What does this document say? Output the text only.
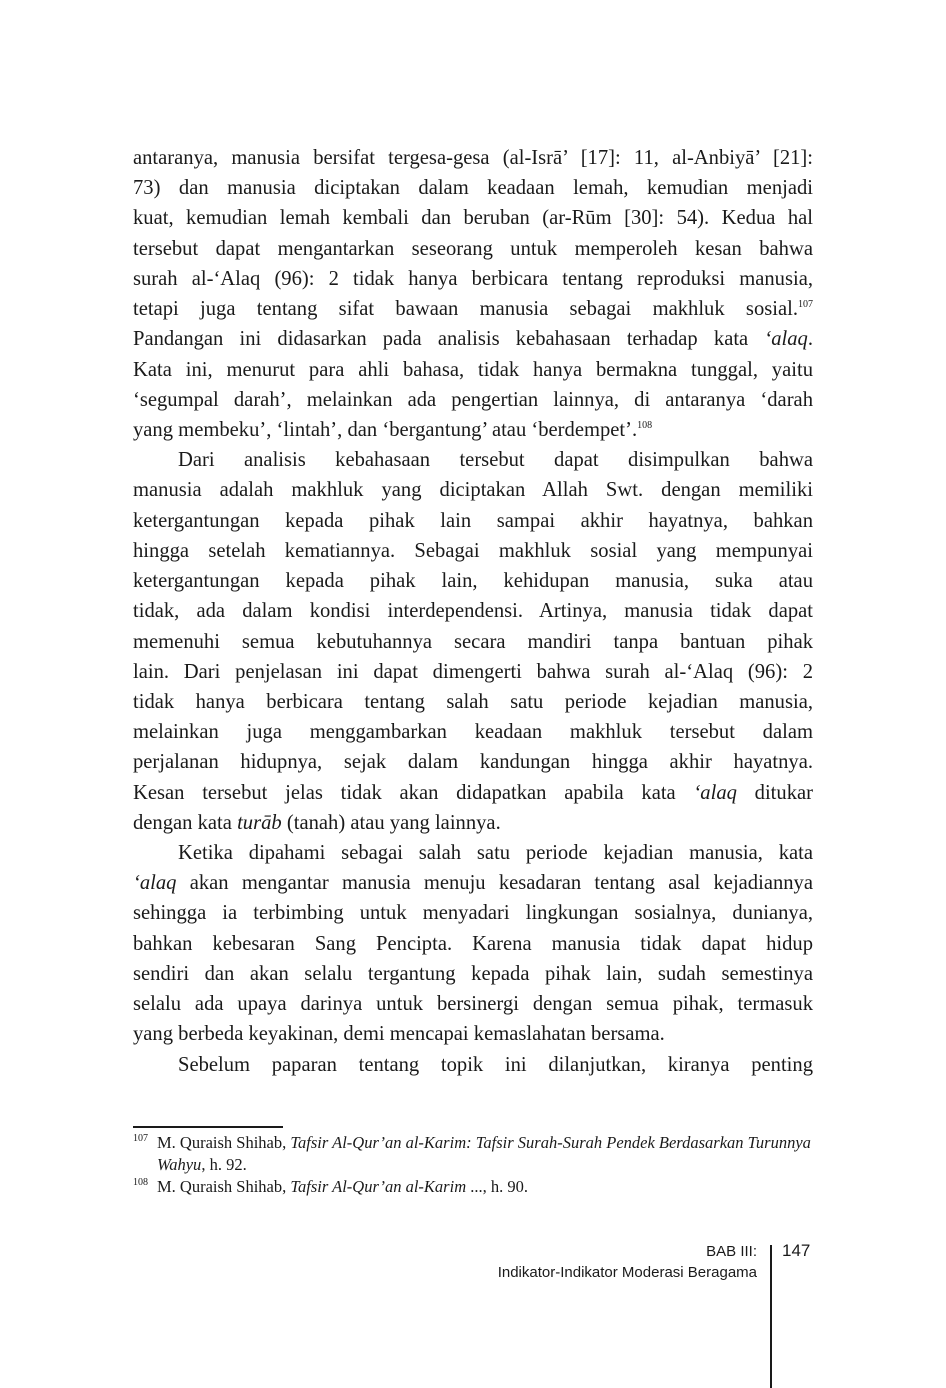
antaranya, manusia bersifat tergesa-gesa (al-Isrā’ [17]: 11, al-Anbiyā’ [21]:
73) dan manusia diciptakan dalam keadaan lemah, kemudian menjadi
kuat, kemudian lemah kembali dan beruban (ar-Rūm [30]: 54). Kedua hal
tersebut dapat mengantarkan seseorang untuk memperoleh kesan bahwa
surah al-‘Alaq (96): 2 tidak hanya berbicara tentang reproduksi manusia,
tetapi juga tentang sifat bawaan manusia sebagai makhluk sosial.$^{107}$
Pandangan ini didasarkan pada analisis kebahasaan terhadap kata ‘alaq.
Kata ini, menurut para ahli bahasa, tidak hanya bermakna tunggal, yaitu
‘segumpal darah’, melainkan ada pengertian lainnya, di antaranya ‘darah
yang membeku’, ‘lintah’, dan ‘bergantung’ atau ‘berdempet’.$^{108}$
Dari analisis kebahasaan tersebut dapat disimpulkan bahwa
manusia adalah makhluk yang diciptakan Allah Swt. dengan memiliki
ketergantungan kepada pihak lain sampai akhir hayatnya, bahkan
hingga setelah kematiannya. Sebagai makhluk sosial yang mempunyai
ketergantungan kepada pihak lain, kehidupan manusia, suka atau
tidak, ada dalam kondisi interdependensi. Artinya, manusia tidak dapat
memenuhi semua kebutuhannya secara mandiri tanpa bantuan pihak
lain. Dari penjelasan ini dapat dimengerti bahwa surah al-‘Alaq (96): 2
tidak hanya berbicara tentang salah satu periode kejadian manusia,
melainkan juga menggambarkan keadaan makhluk tersebut dalam
perjalanan hidupnya, sejak dalam kandungan hingga akhir hayatnya.
Kesan tersebut jelas tidak akan didapatkan apabila kata ‘alaq ditukar
dengan kata turāb (tanah) atau yang lainnya.
Ketika dipahami sebagai salah satu periode kejadian manusia, kata
‘alaq akan mengantar manusia menuju kesadaran tentang asal kejadiannya
sehingga ia terbimbing untuk menyadari lingkungan sosialnya, dunianya,
bahkan kebesaran Sang Pencipta. Karena manusia tidak dapat hidup
sendiri dan akan selalu tergantung kepada pihak lain, sudah semestinya
selalu ada upaya darinya untuk bersinergi dengan semua pihak, termasuk
yang berbeda keyakinan, demi mencapai kemaslahatan bersama.
Sebelum paparan tentang topik ini dilanjutkan, kiranya penting
107 M. Quraish Shihab, Tafsir Al-Qur’an al-Karim: Tafsir Surah-Surah Pendek Berdasarkan Turunnya Wahyu, h. 92.
108 M. Quraish Shihab, Tafsir Al-Qur’an al-Karim ..., h. 90.
BAB III:
Indikator-Indikator Moderasi Beragama
147
